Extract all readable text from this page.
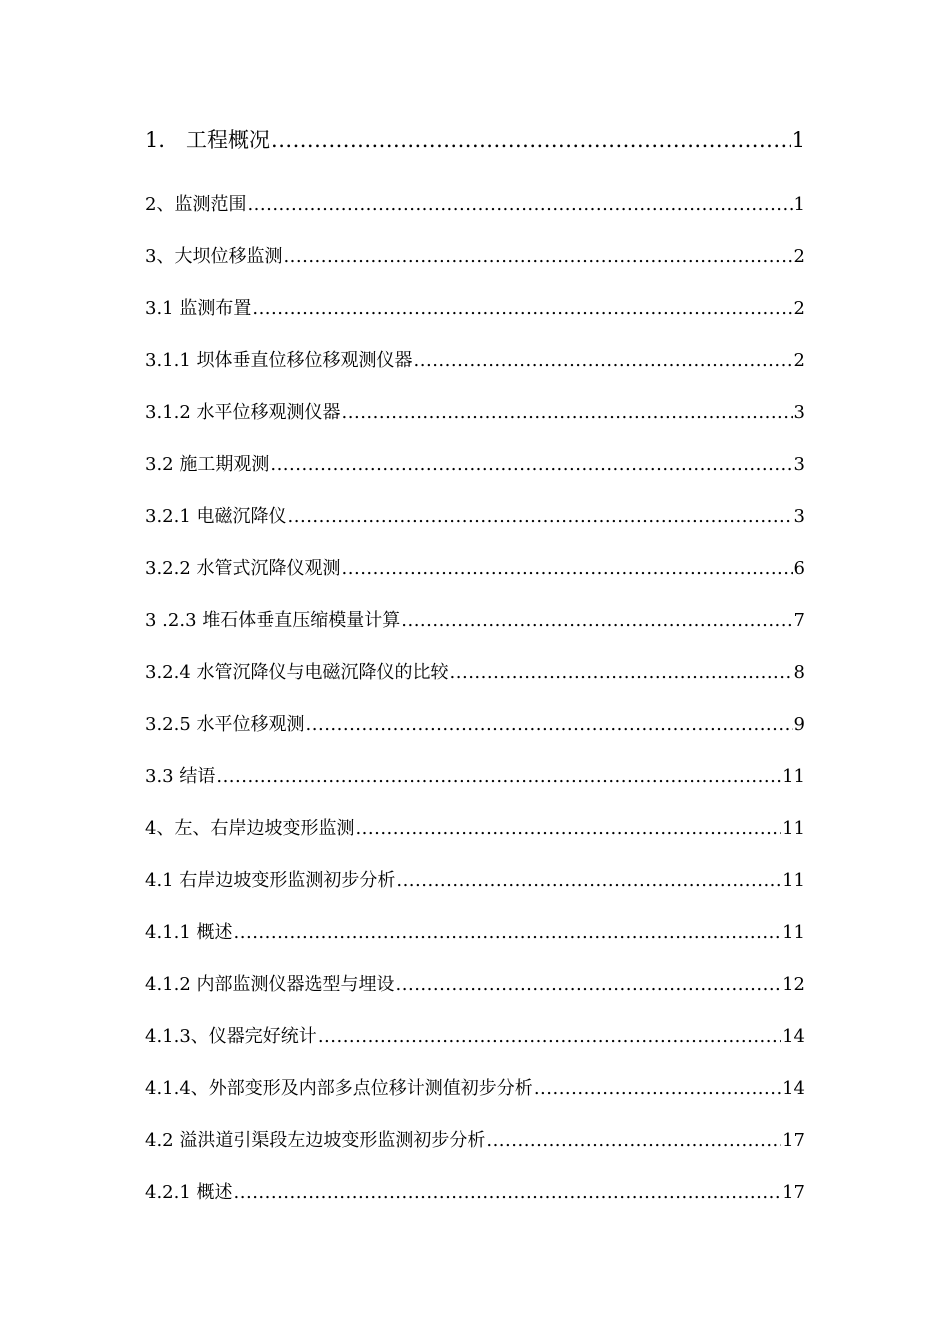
1． 工程概况 .....	1
2、监测范围 .....	1
3、大坝位移监测 .....	2
3.1 监测布置 .....	2
3.1.1 坝体垂直位移位移观测仪器 .....	2
3.1.2 水平位移观测仪器 .....	3
3.2 施工期观测 .....	3
3.2.1 电磁沉降仪 .....	3
3.2.2 水管式沉降仪观测 .....	6
3 .2.3 堆石体垂直压缩模量计算 .....	7
3.2.4 水管沉降仪与电磁沉降仪的比较 .....	8
3.2.5 水平位移观测 .....	9
3.3 结语 .....	11
4、左、右岸边坡变形监测 .....	11
4.1 右岸边坡变形监测初步分析 .....	11
4.1.1 概述 .....	11
4.1.2 内部监测仪器选型与埋设 .....	12
4.1.3、仪器完好统计 .....	14
4.1.4、外部变形及内部多点位移计测值初步分析 .....	14
4.2 溢洪道引渠段左边坡变形监测初步分析 .....	17
4.2.1 概述 .....	17
